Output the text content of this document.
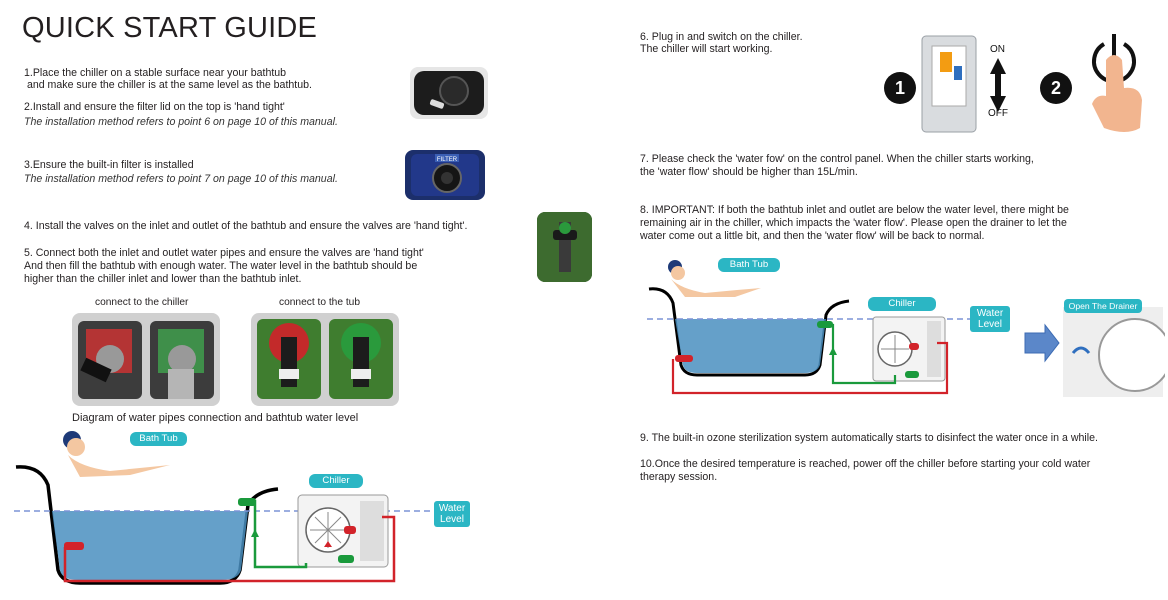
QUICK START GUIDE
1.Place the chiller on a stable surface near your bathtub
and make sure the chiller is at the same level as the bathtub.
2.Install and ensure the filter lid on the top is 'hand tight'
The installation method refers to point 6 on page 10 of this manual.
3.Ensure the built-in filter is installed
The installation method refers to point 7 on page 10 of this manual.
4. Install the valves on the inlet and outlet of the bathtub and ensure the valves are 'hand tight'.
5. Connect both the inlet and outlet water pipes and ensure the valves are 'hand tight'
And then fill the bathtub with enough water. The water level in the bathtub should be
higher than the chiller inlet and lower than the bathtub inlet.
FILTER
connect to the chiller	connect to the tub
Diagram of water pipes connection and bathtub water level
Bath Tub
Chiller
Water
Level
6. Plug in and switch on the chiller.
The chiller will start working.
1
ON
OFF
2
7. Please check the 'water fow' on the control panel. When the chiller starts working,
the 'water flow' should be higher than 15L/min.
8. IMPORTANT: If both the bathtub inlet and outlet are below the water level, there might be
remaining air in the chiller, which impacts the 'water flow'. Please open the drainer to let the
water come out a little bit, and then the 'water flow' will be back to normal.
Bath Tub
Chiller
Water
Level
Open The Drainer
9. The built-in ozone sterilization system automatically starts to disinfect the water once in a while.
10.Once the desired temperature is reached, power off the chiller before starting your cold water
therapy session.
